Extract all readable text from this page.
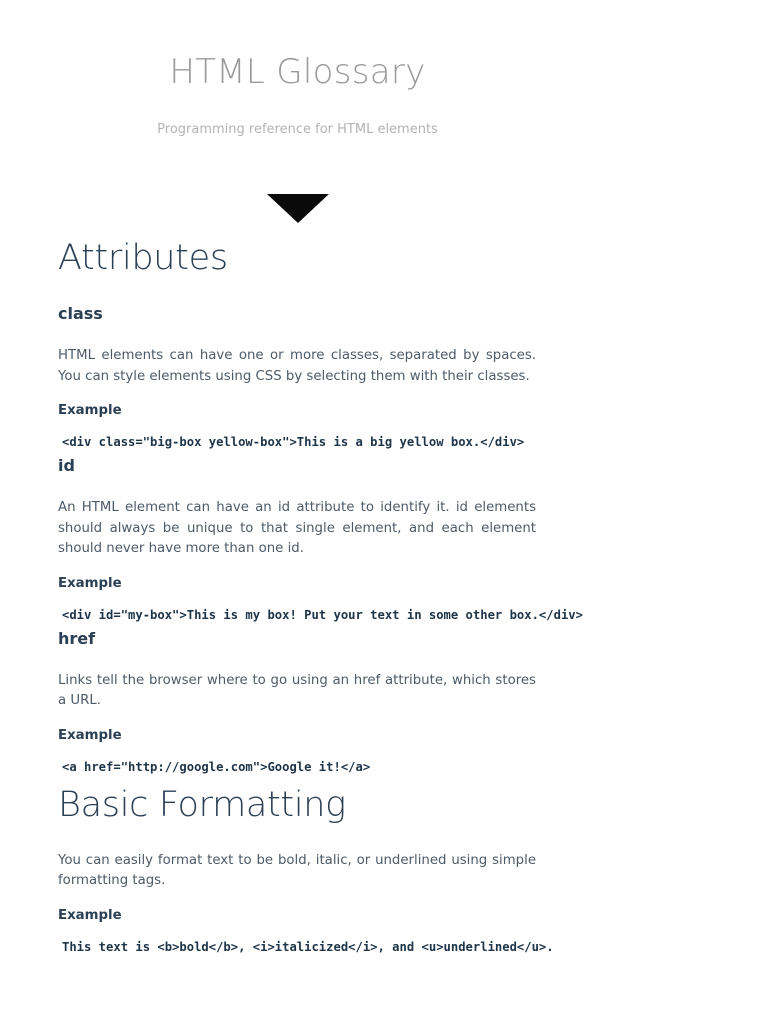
HTML Glossary

Programming reference for HTML elements

Attributes
class

HTML elements can have one or more classes, separated by spaces. You can style elements using CSS by selecting them with their classes.

Example
<div class="big-box yellow-box">This is a big yellow box.</div>
id

An HTML element can have an id attribute to identify it. id elements should always be unique to that single element, and each element should never have more than one id.

Example
<div id="my-box">This is my box! Put your text in some other box.</div>
href

Links tell the browser where to go using an href attribute, which stores a URL.

Example
<a href="http://google.com">Google it!</a>
Basic Formatting

You can easily format text to be bold, italic, or underlined using simple formatting tags.

Example
This text is <b>bold</b>, <i>italicized</i>, and <u>underlined</u>.
